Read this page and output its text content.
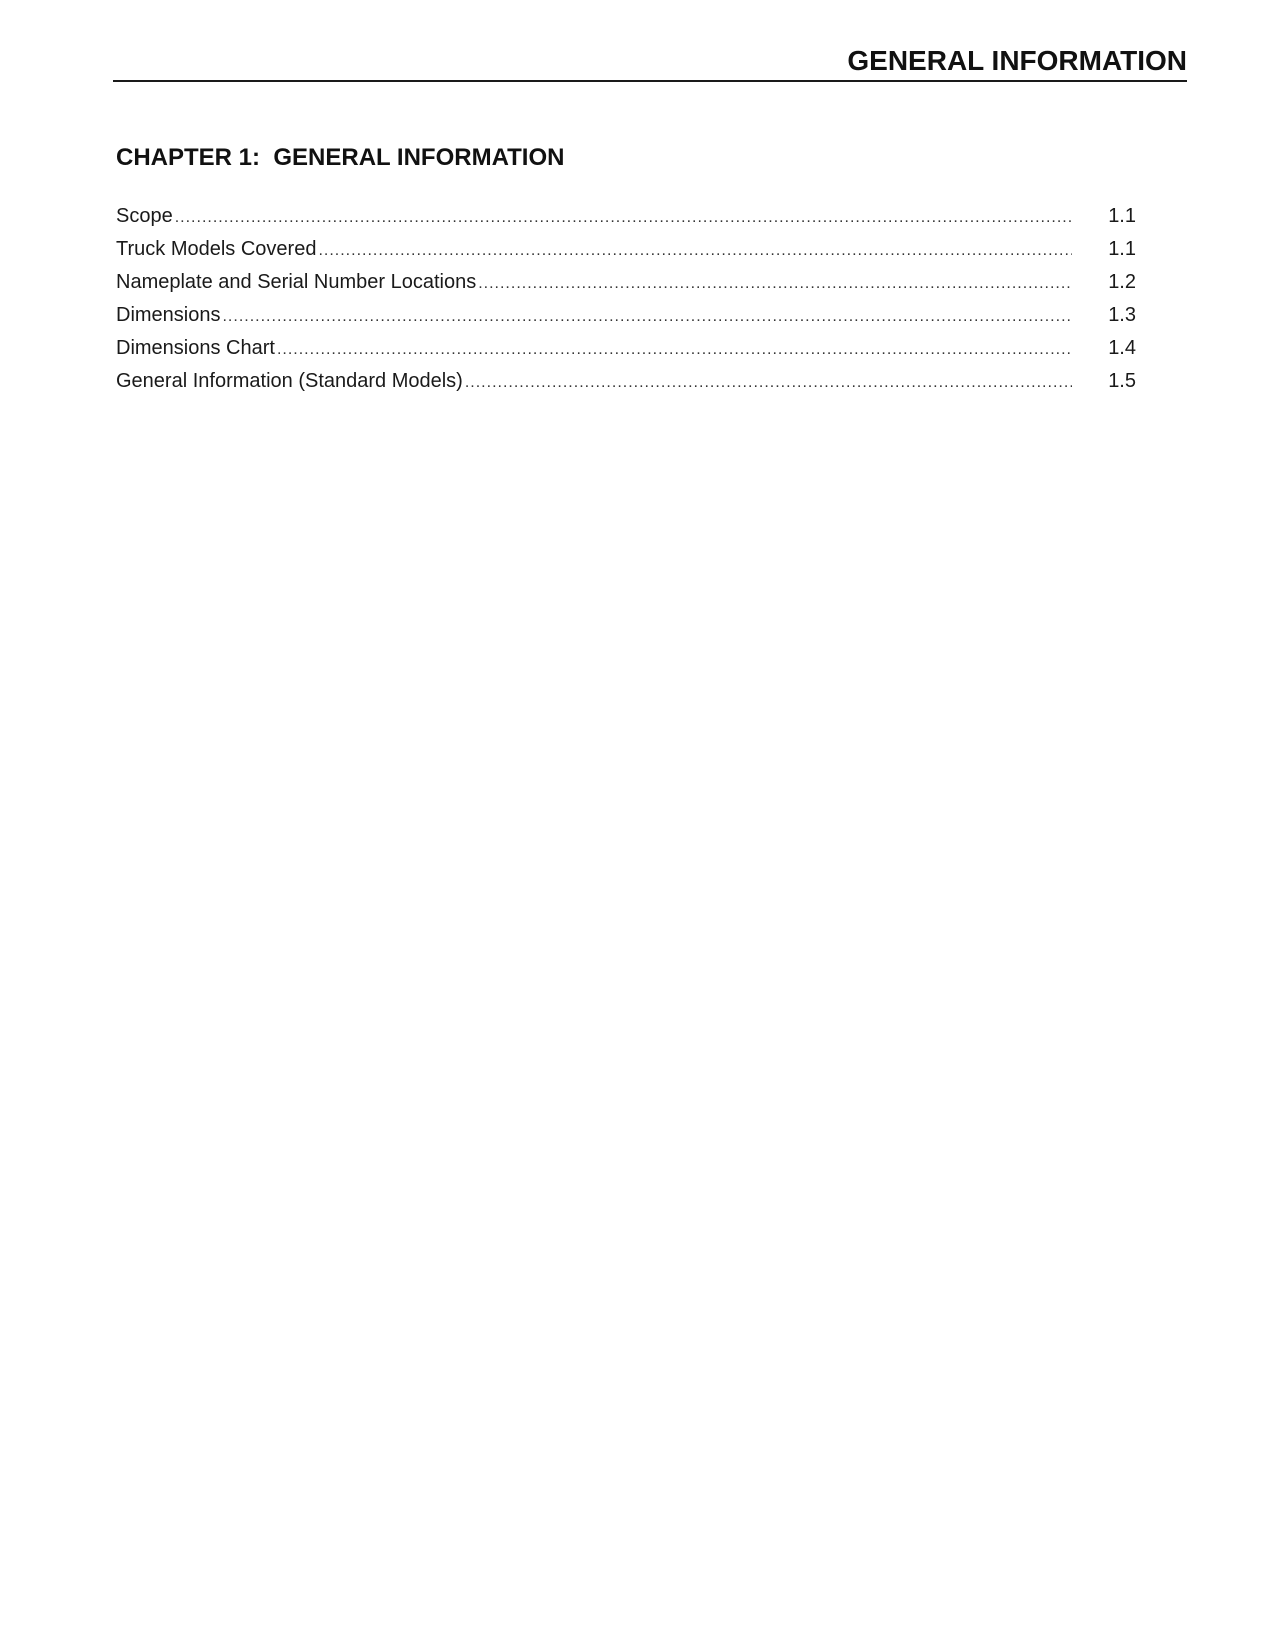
GENERAL INFORMATION
CHAPTER 1:  GENERAL INFORMATION
Scope .....	1.1
Truck Models Covered .....	1.1
Nameplate and Serial Number Locations .....	1.2
Dimensions .....	1.3
Dimensions Chart .....	1.4
General Information (Standard Models) .....	1.5
